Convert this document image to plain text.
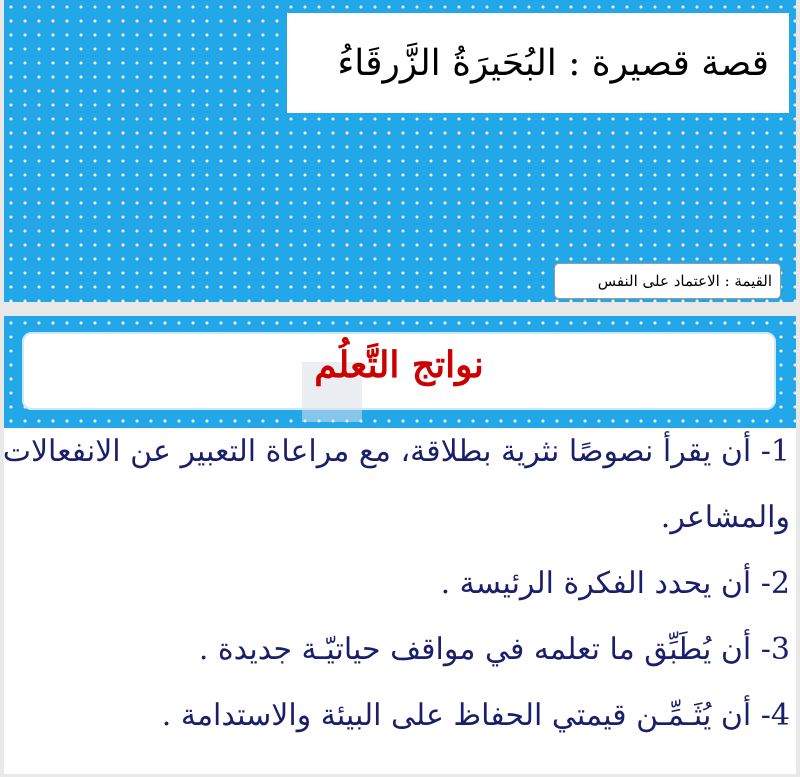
قصة قصيرة : البُحَيرَةُ الزَّرقَاءُ
القيمة : الاعتماد على النفس
نواتج التَّعلُم
1- أن يقرأ نصوصًا نثرية بطلاقة، مع مراعاة التعبير عن الانفعالات
والمشاعر.
2- أن يحدد الفكرة الرئيسة .
3- أن يُطَبِّق ما تعلمه في مواقف حياتيّـة جديدة .
4- أن يُثَـمِّـن قيمتي الحفاظ على البيئة والاستدامة .
